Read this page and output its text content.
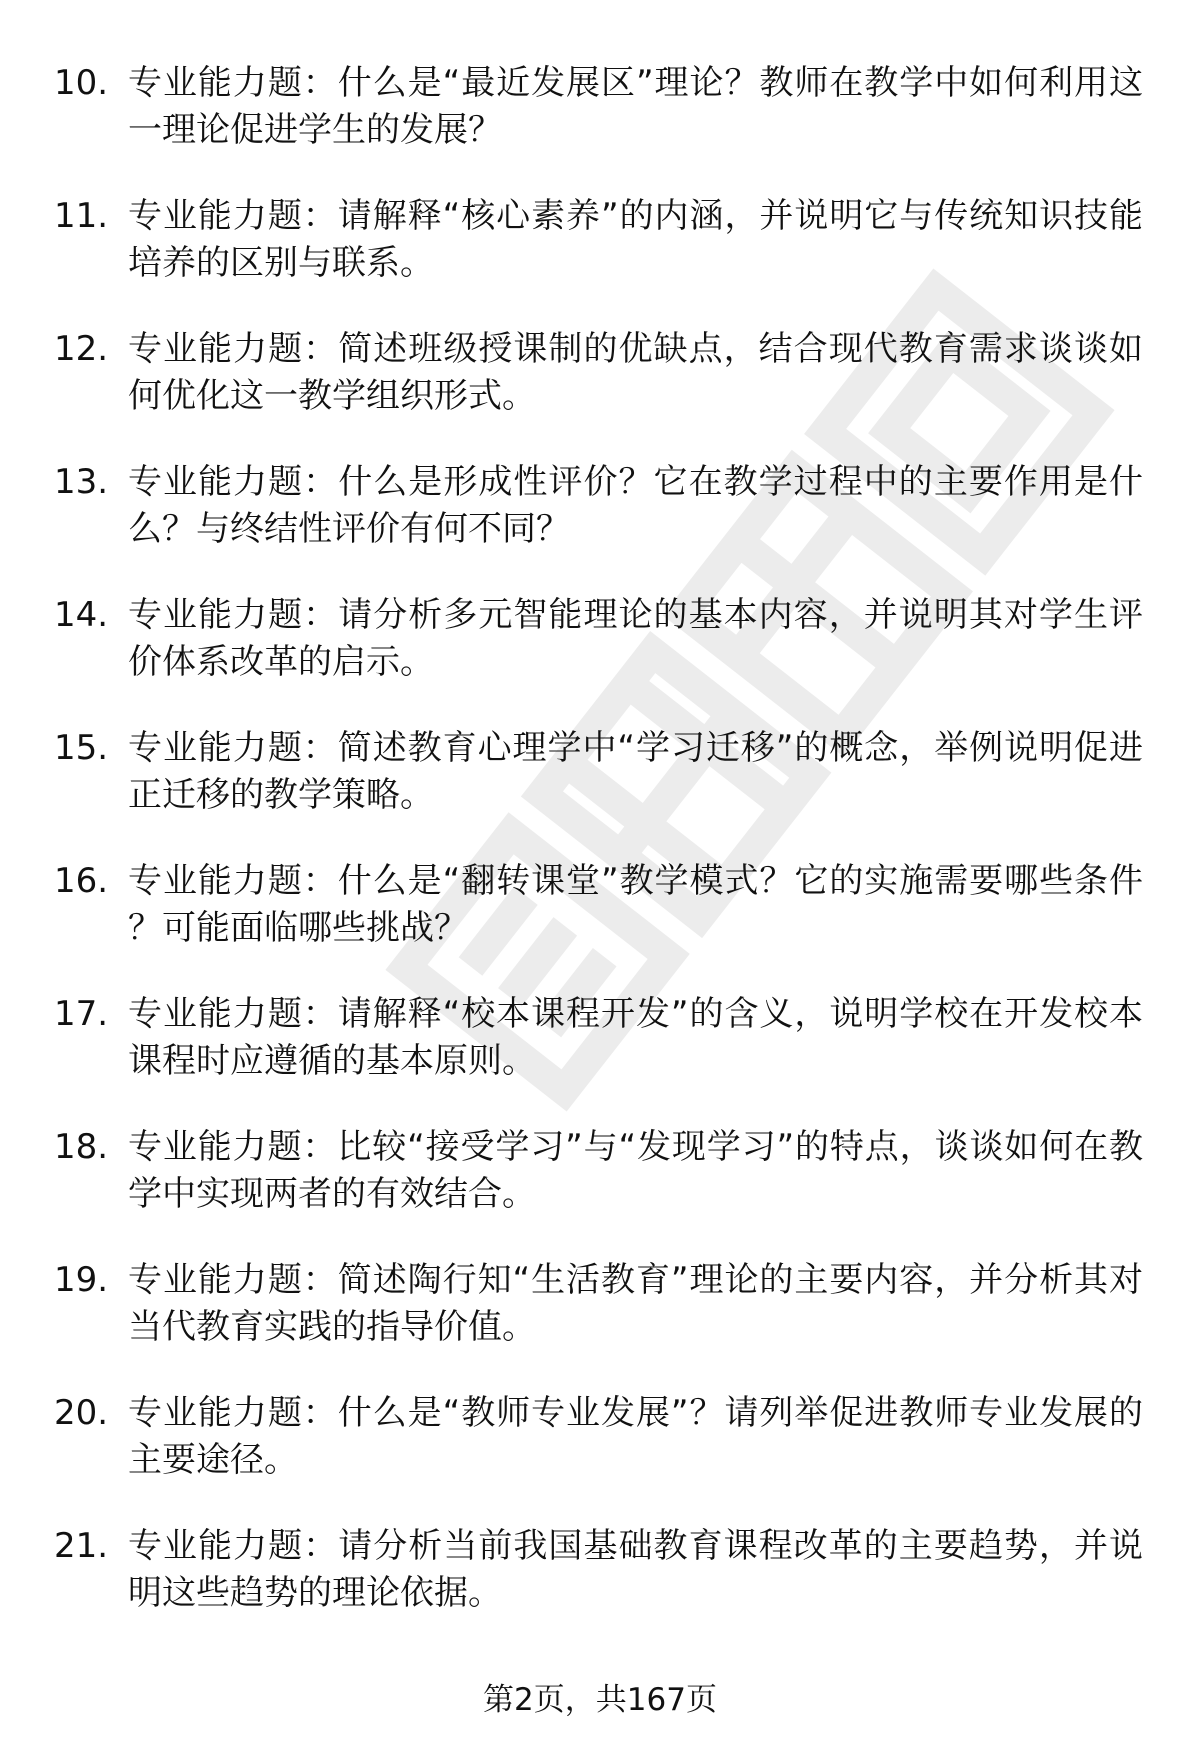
10. 专业能力题：什么是“最近发展区”理论？教师在教学中如何利用这一理论促进学生的发展？
11. 专业能力题：请解释“核心素养”的内涵，并说明它与传统知识技能培养的区别与联系。
12. 专业能力题：简述班级授课制的优缺点，结合现代教育需求谈谈如何优化这一教学组织形式。
13. 专业能力题：什么是形成性评价？它在教学过程中的主要作用是什么？与终结性评价有何不同？
14. 专业能力题：请分析多元智能理论的基本内容，并说明其对学生评价体系改革的启示。
15. 专业能力题：简述教育心理学中“学习迁移”的概念，举例说明促进正迁移的教学策略。
16. 专业能力题：什么是“翻转课堂”教学模式？它的实施需要哪些条件？可能面临哪些挑战？
17. 专业能力题：请解释“校本课程开发”的含义，说明学校在开发校本课程时应遵循的基本原则。
18. 专业能力题：比较“接受学习”与“发现学习”的特点，谈谈如何在教学中实现两者的有效结合。
19. 专业能力题：简述陶行知“生活教育”理论的主要内容，并分析其对当代教育实践的指导价值。
20. 专业能力题：什么是“教师专业发展”？请列举促进教师专业发展的主要途径。
21. 专业能力题：请分析当前我国基础教育课程改革的主要趋势，并说明这些趋势的理论依据。
第2页，共167页
